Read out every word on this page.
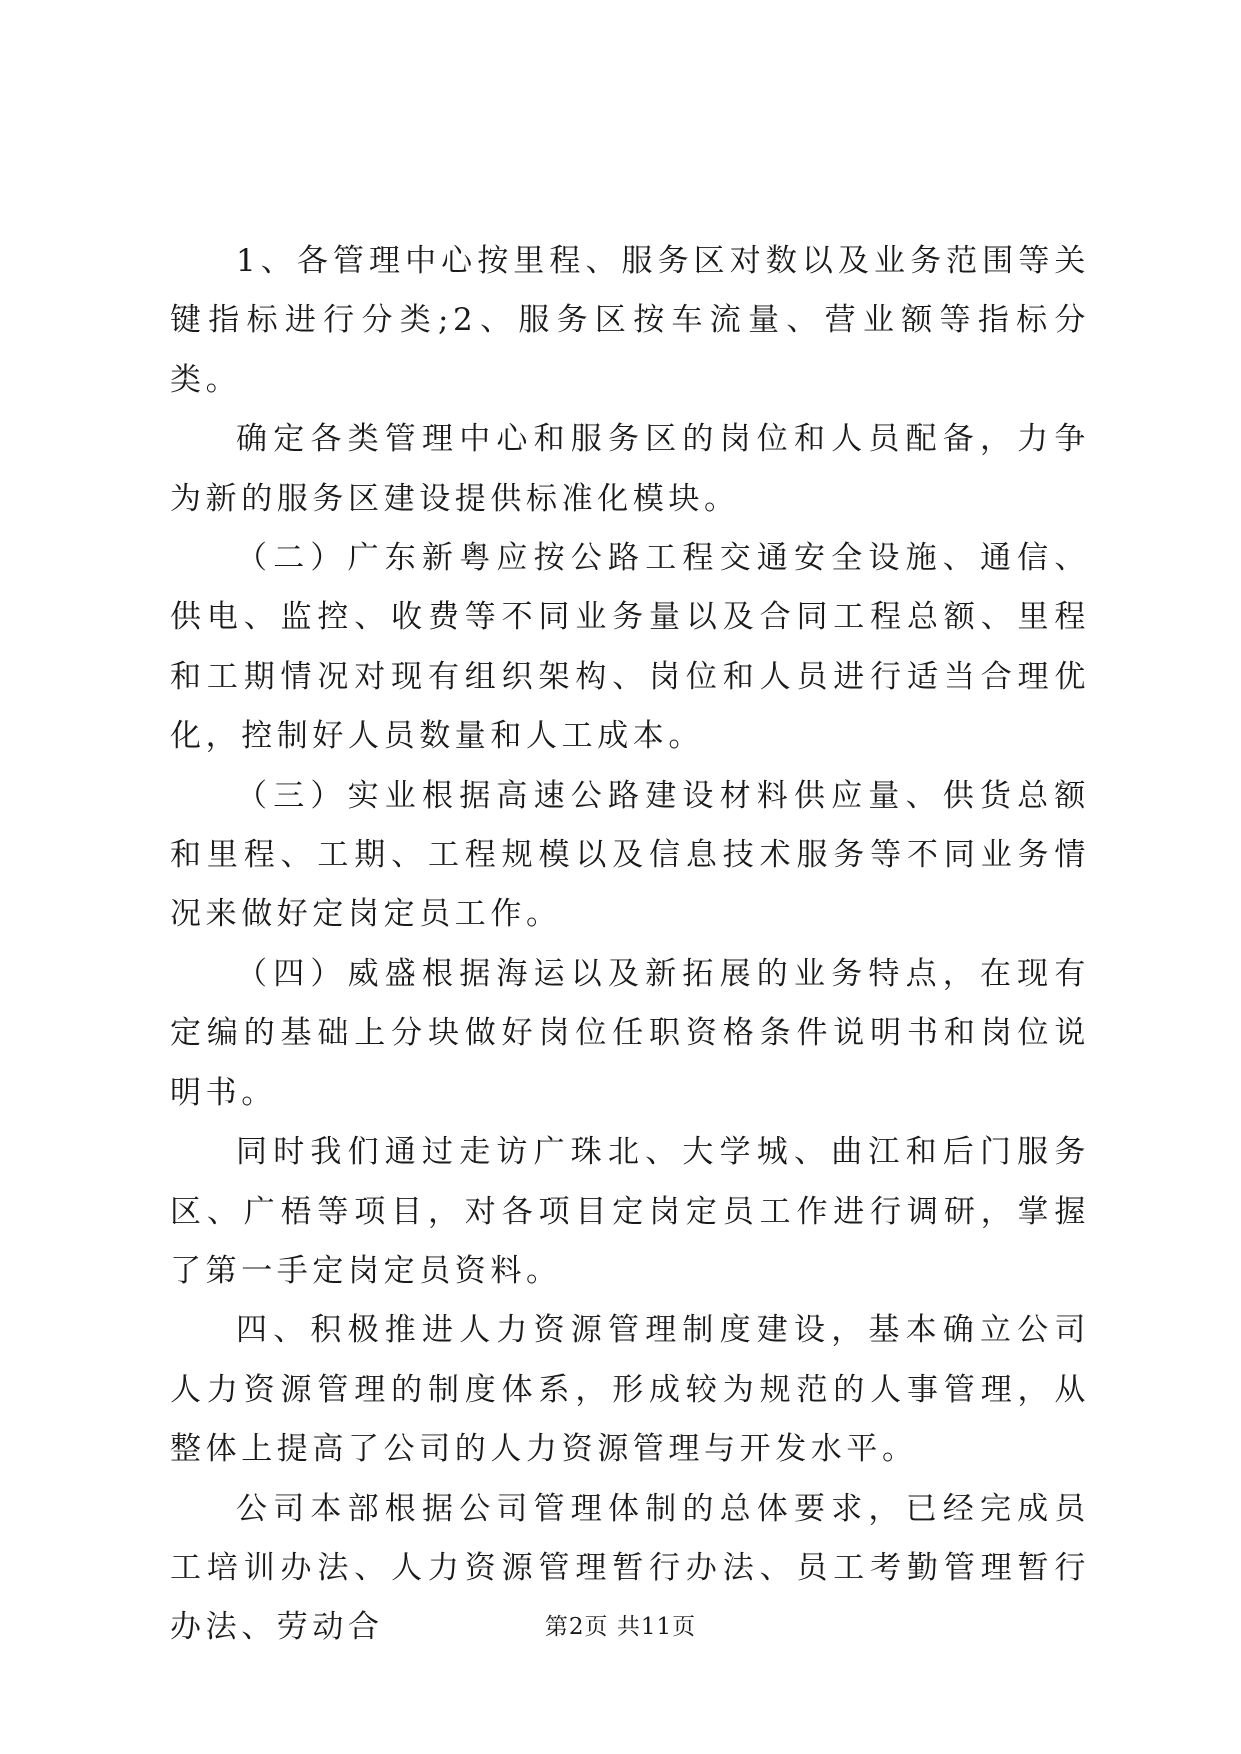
1、各管理中心按里程、服务区对数以及业务范围等关键指标进行分类;2、服务区按车流量、营业额等指标分类。

确定各类管理中心和服务区的岗位和人员配备，力争为新的服务区建设提供标准化模块。

（二）广东新粤应按公路工程交通安全设施、通信、供电、监控、收费等不同业务量以及合同工程总额、里程和工期情况对现有组织架构、岗位和人员进行适当合理优化，控制好人员数量和人工成本。

（三）实业根据高速公路建设材料供应量、供货总额和里程、工期、工程规模以及信息技术服务等不同业务情况来做好定岗定员工作。

（四）威盛根据海运以及新拓展的业务特点，在现有定编的基础上分块做好岗位任职资格条件说明书和岗位说明书。

同时我们通过走访广珠北、大学城、曲江和后门服务区、广梧等项目，对各项目定岗定员工作进行调研，掌握了第一手定岗定员资料。

四、积极推进人力资源管理制度建设，基本确立公司人力资源管理的制度体系，形成较为规范的人事管理，从整体上提高了公司的人力资源管理与开发水平。

公司本部根据公司管理体制的总体要求，已经完成员工培训办法、人力资源管理暂行办法、员工考勤管理暂行办法、劳动合	第2页 共11页
